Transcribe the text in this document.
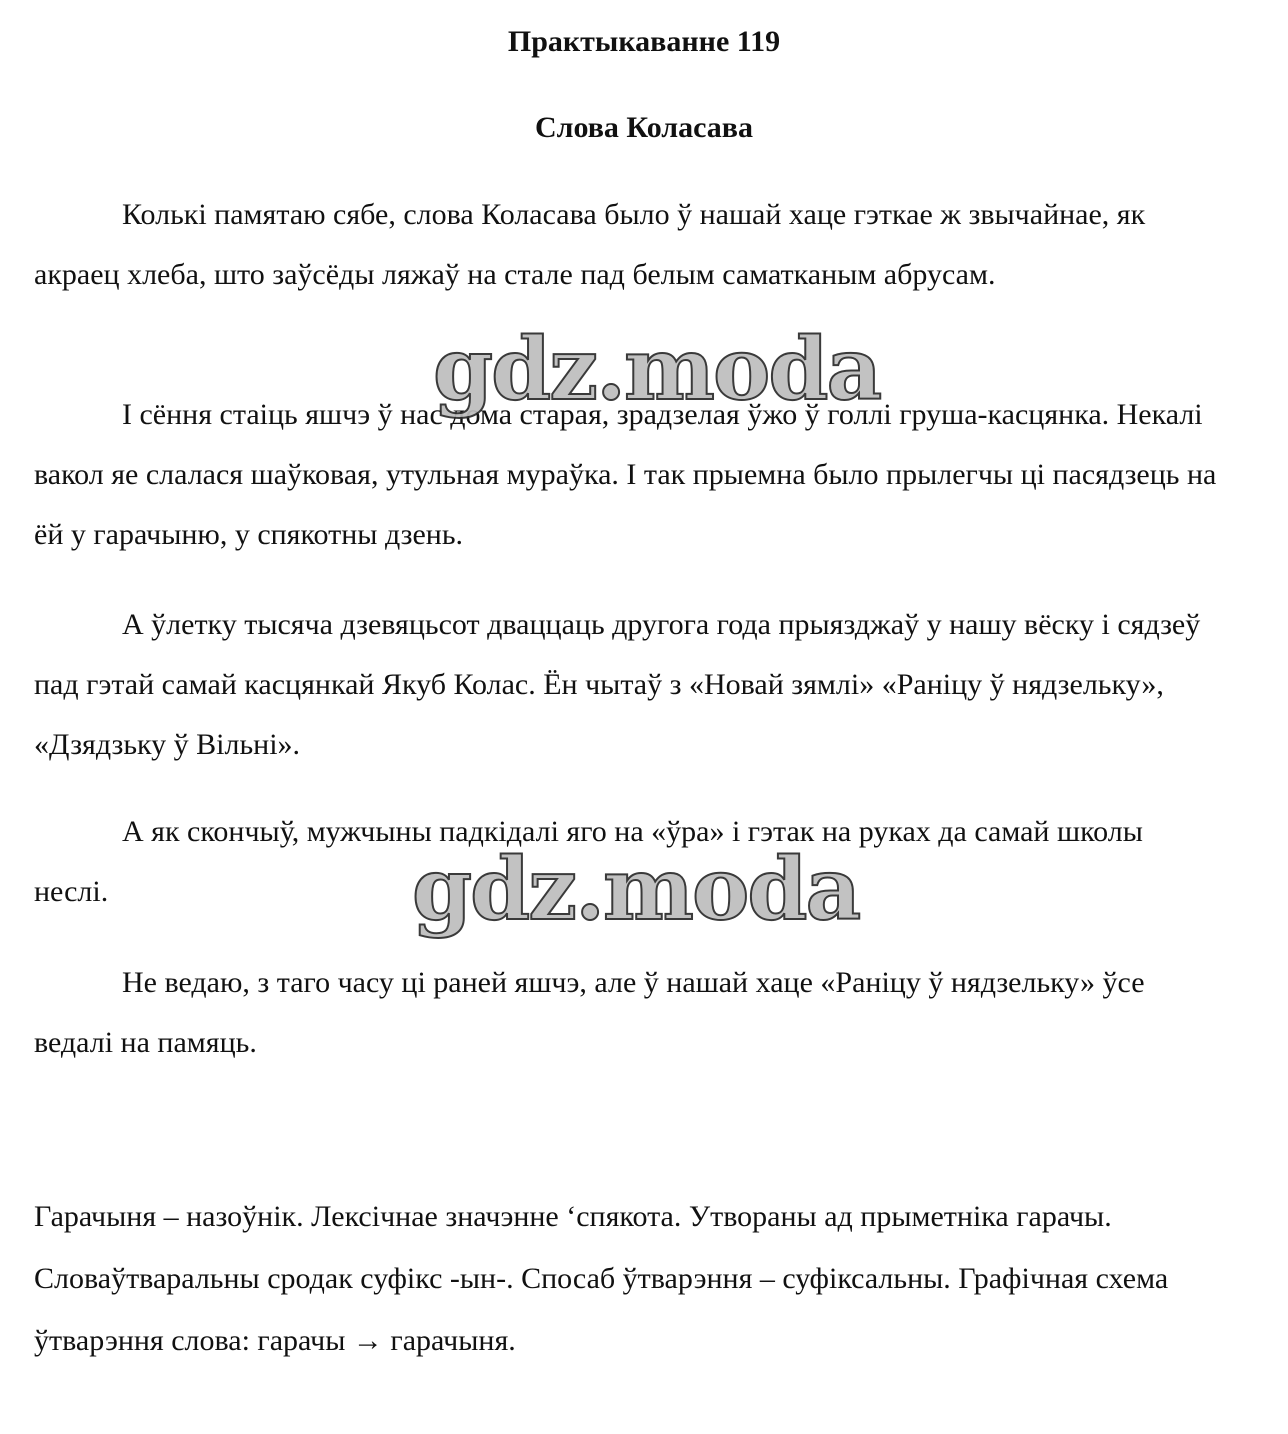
Практыкаванне 119
Слова Коласава

Колькі памятаю сябе, слова Коласава было ў нашай хаце гэткае ж звычайнае, як акраец хлеба, што заўсёды ляжаў на стале пад белым саматканым абрусам.

І сёння стаіць яшчэ ў нас дома старая, зрадзелая ўжо ў голлі груша-касцянка. Некалі вакол яе слалася шаўковая, утульная мураўка. І так прыемна было прылегчы ці пасядзець на ёй у гарачыню, у спякотны дзень.

А ўлетку тысяча дзевяцьсот дваццаць другога года прыязджаў у нашу вёску і сядзеў пад гэтай самай касцянкай Якуб Колас. Ён чытаў з «Новай зямлі» «Раніцу ў нядзельку», «Дзядзьку ў Вільні».

А як скончыў, мужчыны падкідалі яго на «ўра» і гэтак на руках да самай школы неслі.

Не ведаю, з таго часу ці раней яшчэ, але ў нашай хаце «Раніцу ў нядзельку» ўсе ведалі на памяць.

Гарачыня – назоўнік. Лексічнае значэнне ‘спякота. Утвораны ад прыметніка гарачы. Словаўтваральны сродак суфікс -ын-. Спосаб ўтварэння – суфіксальны. Графічная схема ўтварэння слова: гарачы → гарачыня.

gdz.moda
gdz.moda
